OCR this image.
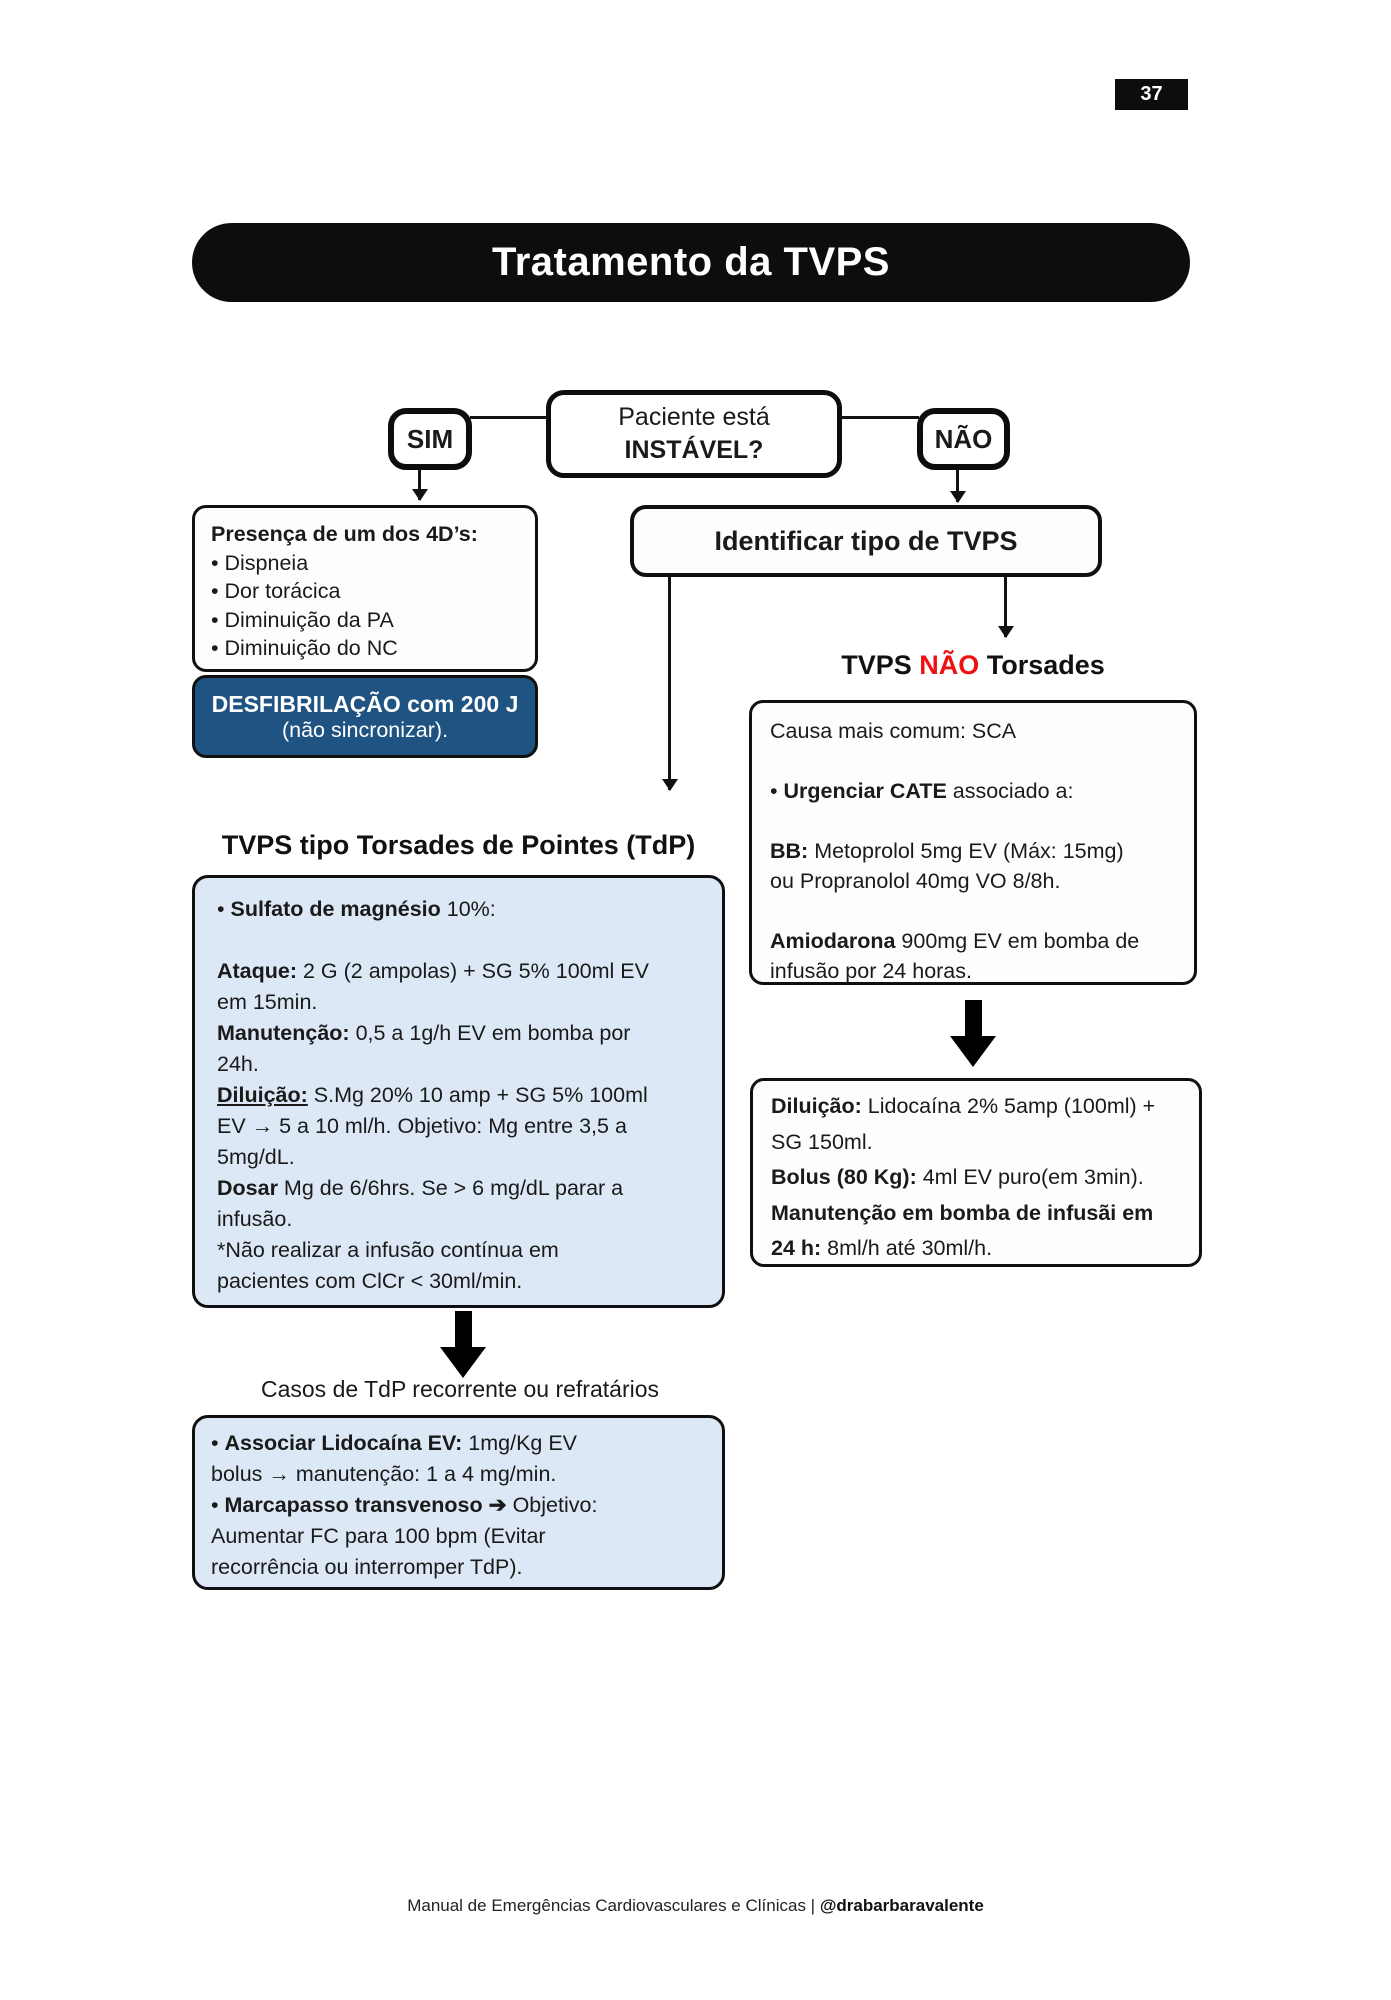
37
Tratamento da TVPS
Paciente está
INSTÁVEL?
SIM	NÃO
Presença de um dos 4D’s:
• Dispneia
• Dor torácica
• Diminuição da PA
• Diminuição do NC
DESFIBRILAÇÃO com 200 J
(não sincronizar).
Identificar tipo de TVPS
TVPS NÃO Torsades
Causa mais comum: SCA

• Urgenciar CATE associado a:

BB: Metoprolol 5mg EV (Máx: 15mg)
ou Propranolol 40mg VO 8/8h.

Amiodarona 900mg EV em bomba de
infusão por 24 horas.
Diluição: Lidocaína 2% 5amp (100ml) +
SG 150ml.
Bolus (80 Kg): 4ml EV puro(em 3min).
Manutenção em bomba de infusãi em
24 h: 8ml/h até 30ml/h.
TVPS tipo Torsades de Pointes (TdP)
• Sulfato de magnésio 10%:

Ataque: 2 G (2 ampolas) + SG 5% 100ml EV
em 15min.
Manutenção: 0,5 a 1g/h EV em bomba por
24h.
Diluição: S.Mg 20% 10 amp + SG 5% 100ml
EV → 5 a 10 ml/h. Objetivo: Mg entre 3,5 a
5mg/dL.
Dosar Mg de 6/6hrs. Se > 6 mg/dL parar a
infusão.
*Não realizar a infusão contínua em
pacientes com ClCr < 30ml/min.
Casos de TdP recorrente ou refratários
• Associar Lidocaína EV: 1mg/Kg EV
bolus → manutenção: 1 a 4 mg/min.
• Marcapasso transvenoso ➔ Objetivo:
Aumentar FC para 100 bpm (Evitar
recorrência ou interromper TdP).
Manual de Emergências Cardiovasculares e Clínicas | @drabarbaravalente
